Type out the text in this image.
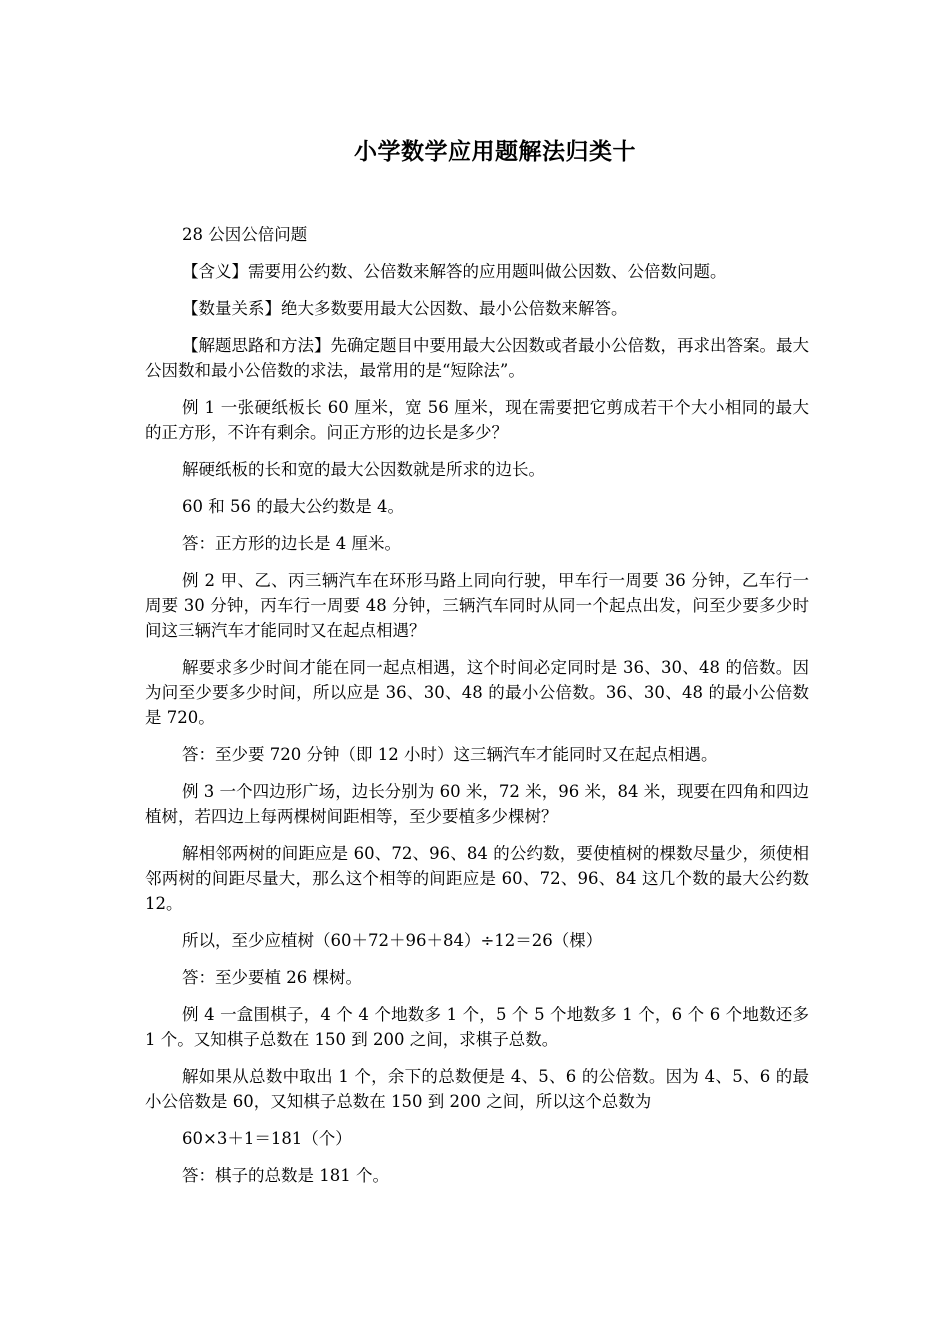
小学数学应用题解法归类十

28 公因公倍问题

【含义】需要用公约数、公倍数来解答的应用题叫做公因数、公倍数问题。

【数量关系】绝大多数要用最大公因数、最小公倍数来解答。

【解题思路和方法】先确定题目中要用最大公因数或者最小公倍数，再求出答案。最大公因数和最小公倍数的求法，最常用的是“短除法”。

例 1 一张硬纸板长 60 厘米，宽 56 厘米，现在需要把它剪成若干个大小相同的最大的正方形，不许有剩余。问正方形的边长是多少？

解硬纸板的长和宽的最大公因数就是所求的边长。

60 和 56 的最大公约数是 4。

答：正方形的边长是 4 厘米。

例 2 甲、乙、丙三辆汽车在环形马路上同向行驶，甲车行一周要 36 分钟，乙车行一周要 30 分钟，丙车行一周要 48 分钟，三辆汽车同时从同一个起点出发，问至少要多少时间这三辆汽车才能同时又在起点相遇？

解要求多少时间才能在同一起点相遇，这个时间必定同时是 36、30、48 的倍数。因为问至少要多少时间，所以应是 36、30、48 的最小公倍数。36、30、48 的最小公倍数是 720。

答：至少要 720 分钟（即 12 小时）这三辆汽车才能同时又在起点相遇。

例 3 一个四边形广场，边长分别为 60 米，72 米，96 米，84 米，现要在四角和四边植树，若四边上每两棵树间距相等，至少要植多少棵树？

解相邻两树的间距应是 60、72、96、84 的公约数，要使植树的棵数尽量少，须使相邻两树的间距尽量大，那么这个相等的间距应是 60、72、96、84 这几个数的最大公约数 12。

所以，至少应植树（60＋72＋96＋84）÷12＝26（棵）

答：至少要植 26 棵树。

例 4 一盒围棋子，4 个 4 个地数多 1 个，5 个 5 个地数多 1 个，6 个 6 个地数还多 1 个。又知棋子总数在 150 到 200 之间，求棋子总数。

解如果从总数中取出 1 个，余下的总数便是 4、5、6 的公倍数。因为 4、5、6 的最小公倍数是 60，又知棋子总数在 150 到 200 之间，所以这个总数为

60×3＋1＝181（个）

答：棋子的总数是 181 个。
